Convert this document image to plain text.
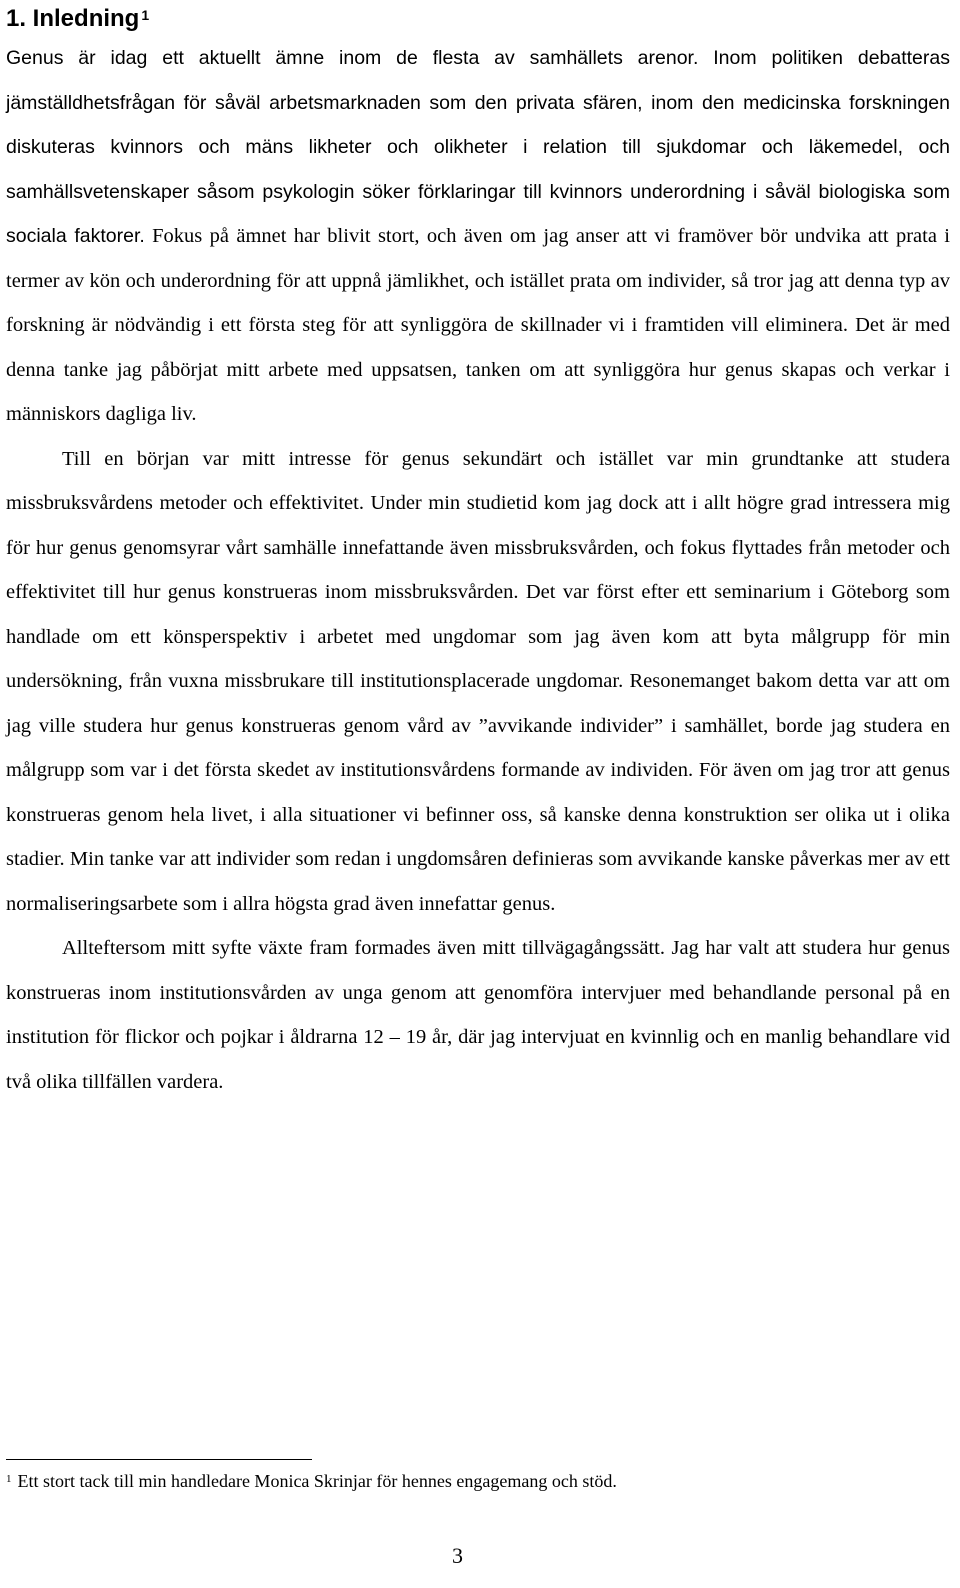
1. Inledning $^1$

Genus är idag ett aktuellt ämne inom de flesta av samhällets arenor. Inom politiken debatteras jämställdhetsfrågan för såväl arbetsmarknaden som den privata sfären, inom den medicinska forskningen diskuteras kvinnors och mäns likheter och olikheter i relation till sjukdomar och läkemedel, och samhällsvetenskaper såsom psykologin söker förklaringar till kvinnors underordning i såväl biologiska som sociala faktorer. Fokus på ämnet har blivit stort, och även om jag anser att vi framöver bör undvika att prata i termer av kön och underordning för att uppnå jämlikhet, och istället prata om individer, så tror jag att denna typ av forskning är nödvändig i ett första steg för att synliggöra de skillnader vi i framtiden vill eliminera. Det är med denna tanke jag påbörjat mitt arbete med uppsatsen, tanken om att synliggöra hur genus skapas och verkar i människors dagliga liv.

Till en början var mitt intresse för genus sekundärt och istället var min grundtanke att studera missbruksvårdens metoder och effektivitet. Under min studietid kom jag dock att i allt högre grad intressera mig för hur genus genomsyrar vårt samhälle innefattande även missbruksvården, och fokus flyttades från metoder och effektivitet till hur genus konstrueras inom missbruksvården. Det var först efter ett seminarium i Göteborg som handlade om ett könsperspektiv i arbetet med ungdomar som jag även kom att byta målgrupp för min undersökning, från vuxna missbrukare till institutionsplacerade ungdomar. Resonemanget bakom detta var att om jag ville studera hur genus konstrueras genom vård av ”avvikande individer” i samhället, borde jag studera en målgrupp som var i det första skedet av institutionsvårdens formande av individen. För även om jag tror att genus konstrueras genom hela livet, i alla situationer vi befinner oss, så kanske denna konstruktion ser olika ut i olika stadier. Min tanke var att individer som redan i ungdomsåren definieras som avvikande kanske påverkas mer av ett normaliseringsarbete som i allra högsta grad även innefattar genus.

Allteftersom mitt syfte växte fram formades även mitt tillvägagångssätt. Jag har valt att studera hur genus konstrueras inom institutionsvården av unga genom att genomföra intervjuer med behandlande personal på en institution för flickor och pojkar i åldrarna 12 – 19 år, där jag intervjuat en kvinnlig och en manlig behandlare vid två olika tillfällen vardera.

$^1$ Ett stort tack till min handledare Monica Skrinjar för hennes engagemang och stöd.
3
